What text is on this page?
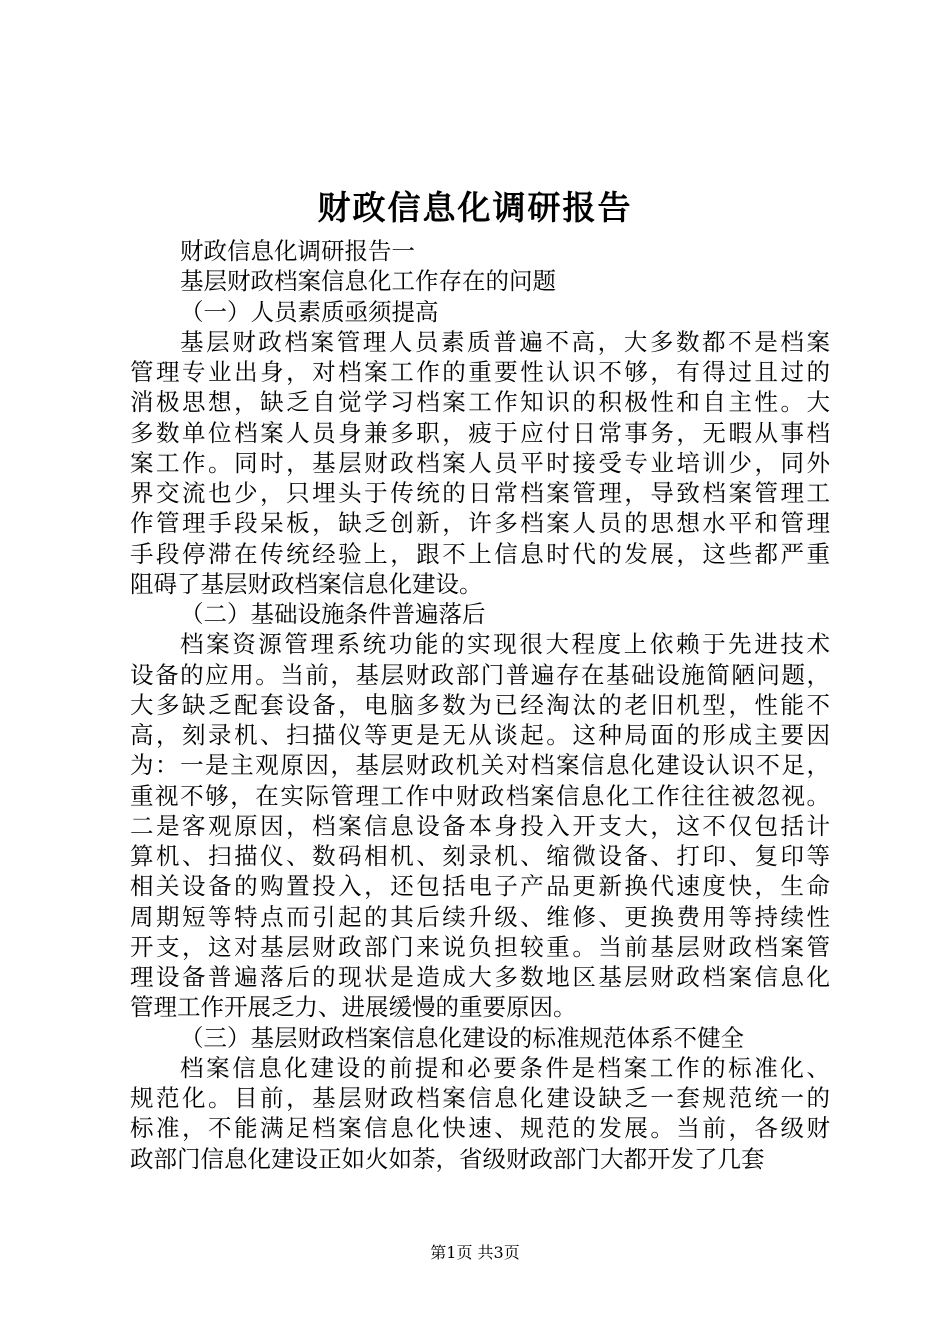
财政信息化调研报告
财政信息化调研报告一
基层财政档案信息化工作存在的问题
（一）人员素质亟须提高
基层财政档案管理人员素质普遍不高，大多数都不是档案
管理专业出身，对档案工作的重要性认识不够，有得过且过的
消极思想，缺乏自觉学习档案工作知识的积极性和自主性。大
多数单位档案人员身兼多职，疲于应付日常事务，无暇从事档
案工作。同时，基层财政档案人员平时接受专业培训少，同外
界交流也少，只埋头于传统的日常档案管理，导致档案管理工
作管理手段呆板，缺乏创新，许多档案人员的思想水平和管理
手段停滞在传统经验上，跟不上信息时代的发展，这些都严重
阻碍了基层财政档案信息化建设。
（二）基础设施条件普遍落后
档案资源管理系统功能的实现很大程度上依赖于先进技术
设备的应用。当前，基层财政部门普遍存在基础设施简陋问题，
大多缺乏配套设备，电脑多数为已经淘汰的老旧机型，性能不
高，刻录机、扫描仪等更是无从谈起。这种局面的形成主要因
为：一是主观原因，基层财政机关对档案信息化建设认识不足，
重视不够，在实际管理工作中财政档案信息化工作往往被忽视。
二是客观原因，档案信息设备本身投入开支大，这不仅包括计
算机、扫描仪、数码相机、刻录机、缩微设备、打印、复印等
相关设备的购置投入，还包括电子产品更新换代速度快，生命
周期短等特点而引起的其后续升级、维修、更换费用等持续性
开支，这对基层财政部门来说负担较重。当前基层财政档案管
理设备普遍落后的现状是造成大多数地区基层财政档案信息化
管理工作开展乏力、进展缓慢的重要原因。
（三）基层财政档案信息化建设的标准规范体系不健全
档案信息化建设的前提和必要条件是档案工作的标准化、
规范化。目前，基层财政档案信息化建设缺乏一套规范统一的
标准，不能满足档案信息化快速、规范的发展。当前，各级财
政部门信息化建设正如火如荼，省级财政部门大都开发了几套
第1页 共3页
